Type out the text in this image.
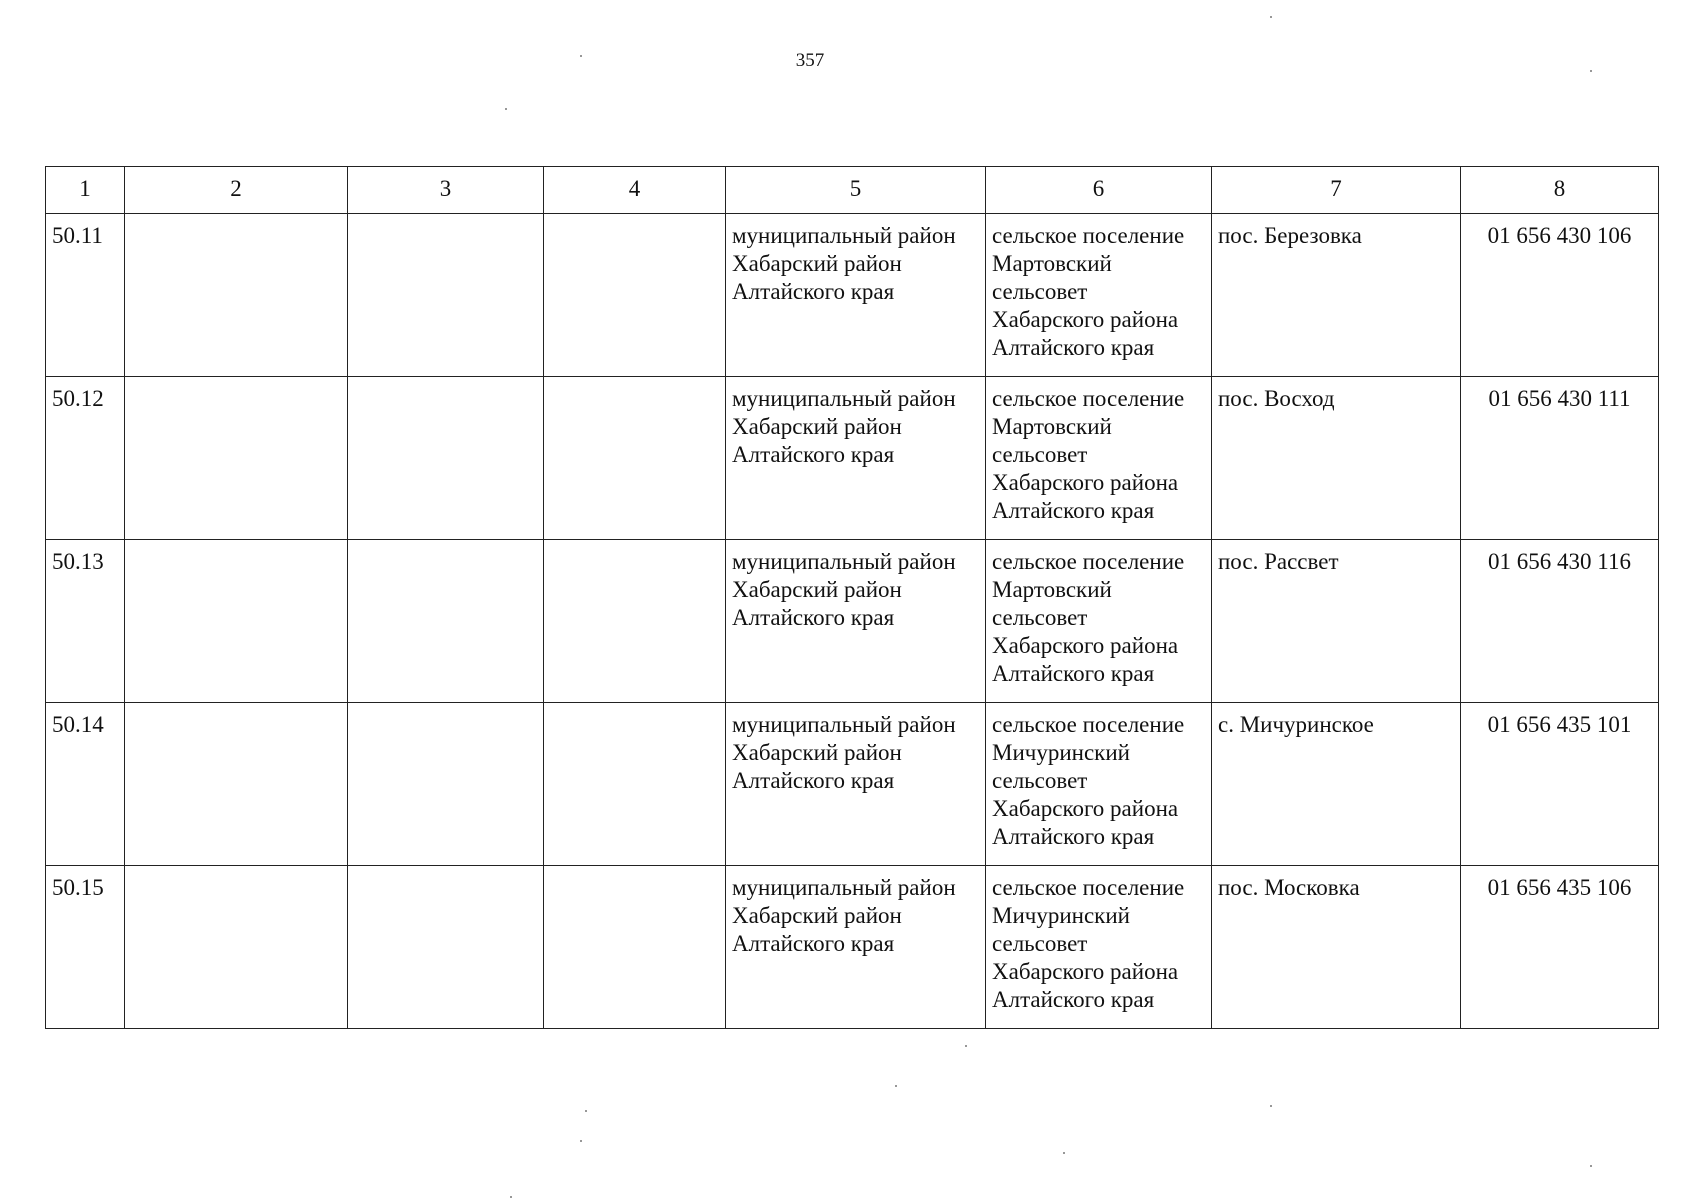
357
1	2	3	4	5	6	7	8
50.11				муниципальный район Хабарский район Алтайского края	сельское поселение Мартовский сельсовет Хабарского района Алтайского края	пос. Березовка	01 656 430 106
50.12				муниципальный район Хабарский район Алтайского края	сельское поселение Мартовский сельсовет Хабарского района Алтайского края	пос. Восход	01 656 430 111
50.13				муниципальный район Хабарский район Алтайского края	сельское поселение Мартовский сельсовет Хабарского района Алтайского края	пос. Рассвет	01 656 430 116
50.14				муниципальный район Хабарский район Алтайского края	сельское поселение Мичуринский сельсовет Хабарского района Алтайского края	с. Мичуринское	01 656 435 101
50.15				муниципальный район Хабарский район Алтайского края	сельское поселение Мичуринский сельсовет Хабарского района Алтайского края	пос. Московка	01 656 435 106
